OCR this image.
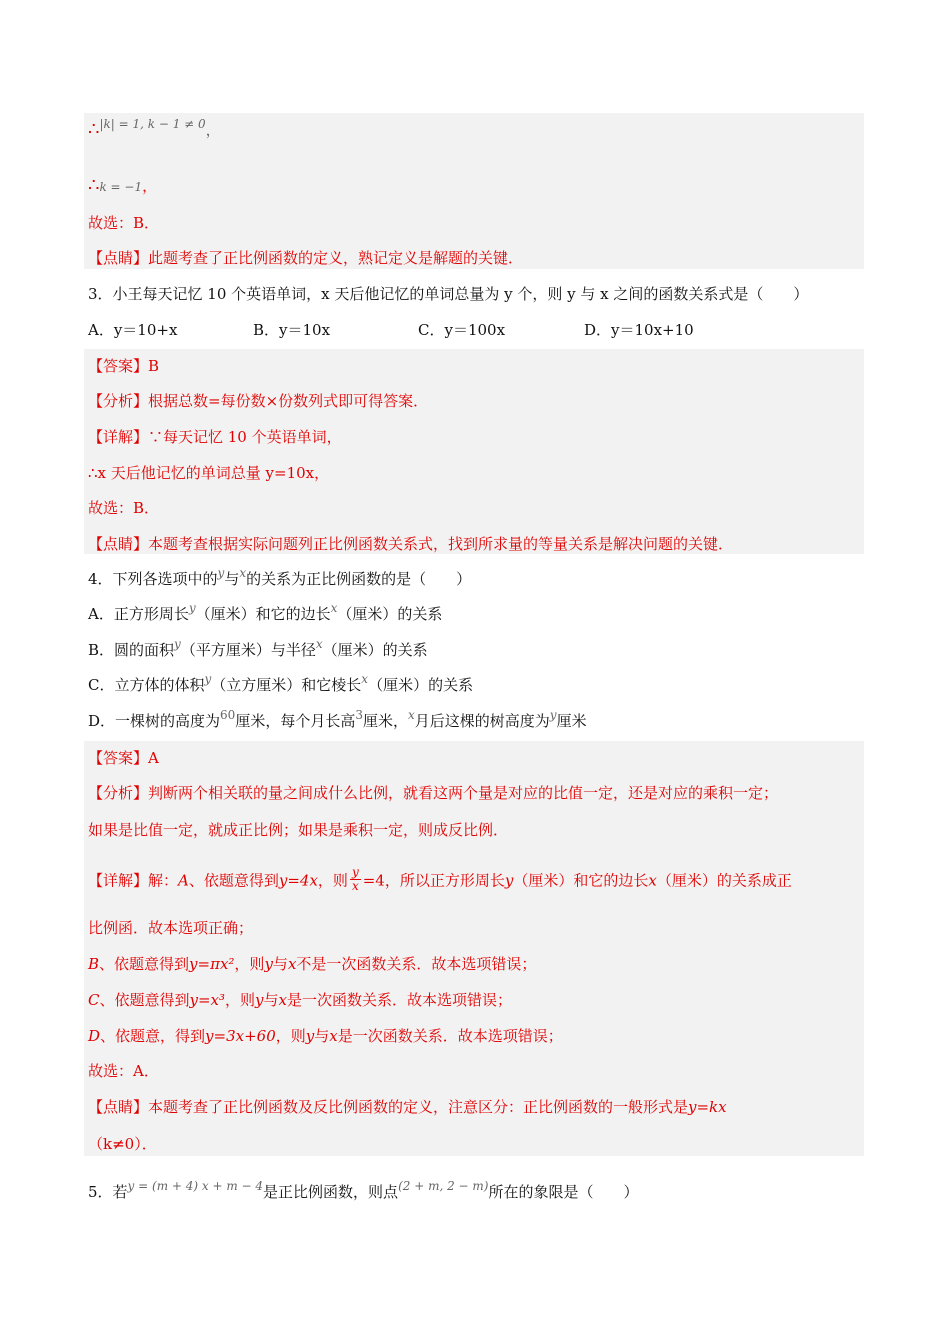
∴$^{|k| = 1, k - 1 \ne 0}$，
∴k = −1，
故选：B．
【点睛】此题考查了正比例函数的定义，熟记定义是解题的关键．
3．小王每天记忆 10 个英语单词，x 天后他记忆的单词总量为 y 个，则 y 与 x 之间的函数关系式是（　　）
A．y＝10+x	B．y＝10x	C．y＝100x	D．y＝10x+10
【答案】B
【分析】根据总数=每份数×份数列式即可得答案．
【详解】∵每天记忆 10 个英语单词，
∴x 天后他记忆的单词总量 y=10x，
故选：B．
【点睛】本题考查根据实际问题列正比例函数关系式，找到所求量的等量关系是解决问题的关键．
4．下列各选项中的$^y$与$^x$的关系为正比例函数的是（　　）
A．正方形周长$^y$（厘米）和它的边长$^x$（厘米）的关系
B．圆的面积$^y$（平方厘米）与半径$^x$（厘米）的关系
C．立方体的体积$^y$（立方厘米）和它棱长$^x$（厘米）的关系
D．一棵树的高度为$^{60}$厘米，每个月长高$^3$厘米，$^x$月后这棵的树高度为$^y$厘米
【答案】A
【分析】判断两个相关联的量之间成什么比例，就看这两个量是对应的比值一定，还是对应的乘积一定；
如果是比值一定，就成正比例；如果是乘积一定，则成反比例．
【详解】解：A、依题意得到y=4x，则 $\frac{y}{x} =4$，所以正方形周长y（厘米）和它的边长x（厘米）的关系成正
比例函．故本选项正确；
B、依题意得到y=πx²，则y与x不是一次函数关系．故本选项错误；
C、依题意得到y=x³，则y与x是一次函数关系．故本选项错误；
D、依题意，得到y=3x+60，则y与x是一次函数关系．故本选项错误；
故选：A．
【点睛】本题考查了正比例函数及反比例函数的定义，注意区分：正比例函数的一般形式是y=kx
（k≠0）．
5．若$^{y = (m + 4) x + m - 4}$是正比例函数，则点$^{(2 + m, 2 - m)}$所在的象限是（　　）
